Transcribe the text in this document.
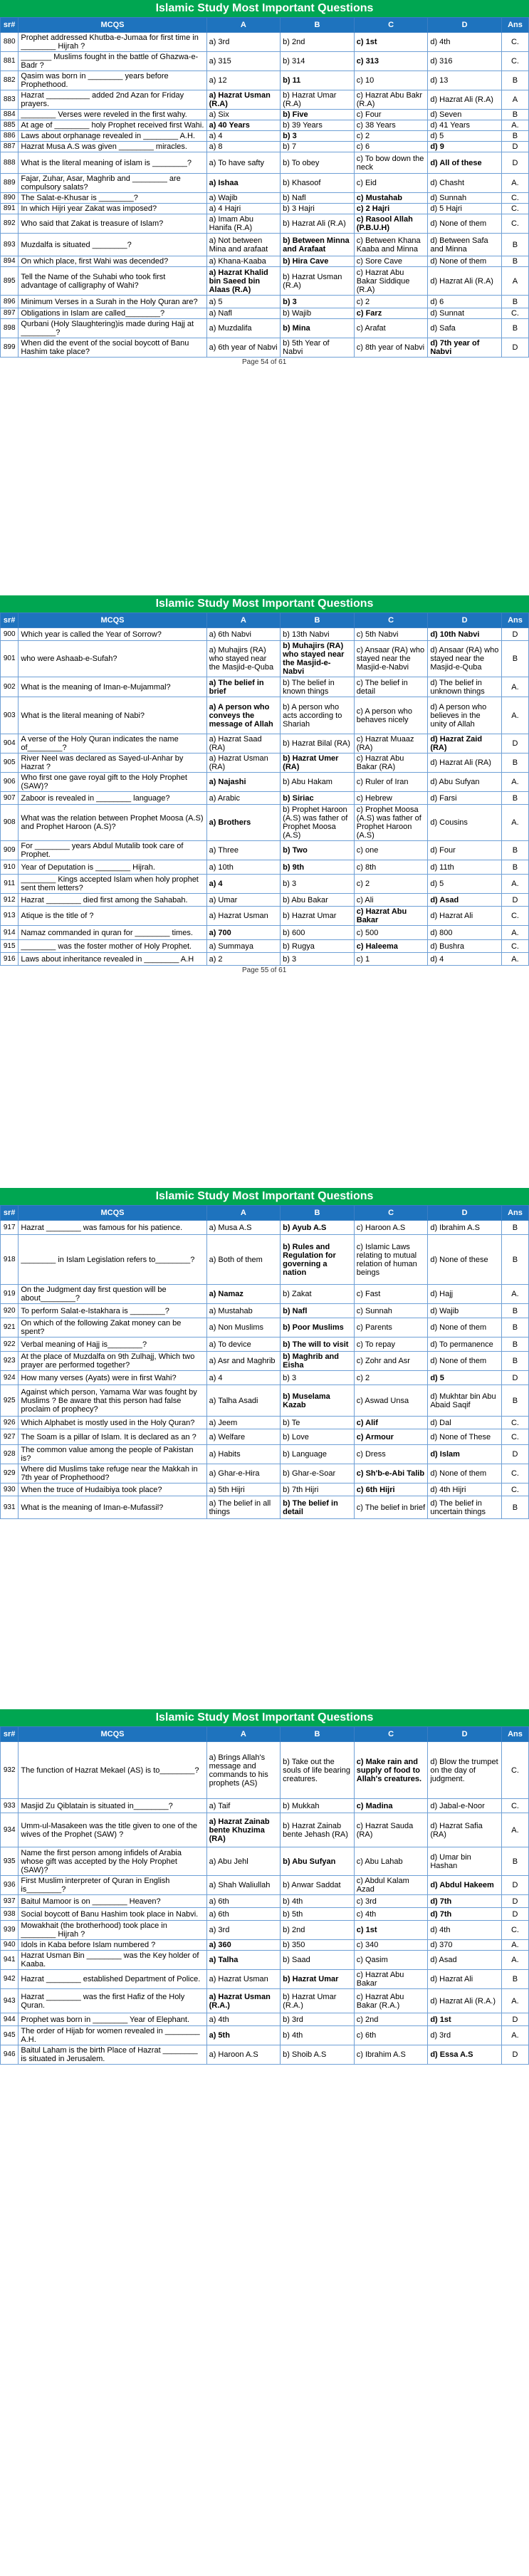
Islamic Study Most Important Questions
sr#	MCQS	A	B	C	D	Ans
880	Prophet addressed Khutba-e-Jumaa for first time in ________ Hijrah ?	a) 3rd	b) 2nd	c) 1st	d) 4th	C.
881	_______ Muslims fought in the battle of Ghazwa-e-Badr ?	a) 315	b) 314	c) 313	d) 316	C.
882	Qasim was born in ________ years before Prophethood.	a) 12	b) 11	c) 10	d) 13	B
883	Hazrat __________ added 2nd Azan for Friday prayers.	a) Hazrat Usman (R.A)	b) Hazrat Umar (R.A)	c) Hazrat Abu Bakr (R.A)	d) Hazrat Ali (R.A)	A
884	________ Verses were reveled in the first wahy.	a) Six	b) Five	c) Four	d) Seven	B
885	At age of ________ holy Prophet received first Wahi.	a) 40 Years	b) 39 Years	c) 38 Years	d) 41 Years	A.
886	Laws about orphanage revealed in ________ A.H.	a) 4	b) 3	c) 2	d) 5	B
887	Hazrat Musa A.S was given ________ miracles.	a) 8	b) 7	c) 6	d) 9	D
888	What is the literal meaning of islam is ________?	a) To have safty	b) To obey	c) To bow down the neck	d) All of these	D
889	Fajar, Zuhar, Asar, Maghrib and ________ are compulsory salats?	a) Ishaa	b) Khasoof	c) Eid	d) Chasht	A.
890	The Salat-e-Khusar is ________?	a) Wajib	b) Nafl	c) Mustahab	d) Sunnah	C.
891	In which Hijri year Zakat was imposed?	a) 4 Hajri	b) 3 Hajri	c) 2 Hajri	d) 5 Hajri	C.
892	Who said that Zakat is treasure of Islam?	a) Imam Abu Hanifa (R.A)	b) Hazrat Ali (R.A)	c) Rasool Allah (P.B.U.H)	d) None of them	C.
893	Muzdalfa is situated ________?	a) Not between Mina and arafaat	b) Between Minna and Arafaat	c) Between Khana Kaaba and Minna	d) Between Safa and Minna	B
894	On which place, first Wahi was decended?	a) Khana-Kaaba	b) Hira Cave	c) Sore Cave	d) None of them	B
895	Tell the Name of the Suhabi who took first advantage of calligraphy of Wahi?	a) Hazrat Khalid bin Saeed bin Alaas (R.A)	b) Hazrat Usman (R.A)	c) Hazrat Abu Bakar Siddique (R.A)	d) Hazrat Ali (R.A)	A
896	Minimum Verses in a Surah in the Holy Quran are?	a) 5	b) 3	c) 2	d) 6	B
897	Obligations in Islam are called________?	a) Nafl	b) Wajib	c) Farz	d) Sunnat	C.
898	Qurbani (Holy Slaughtering)is made during Hajj at ________?	a) Muzdalifa	b) Mina	c) Arafat	d) Safa	B
899	When did the event of the social boycott of Banu Hashim take place?	a) 6th year of Nabvi	b) 5th Year of Nabvi	c) 8th year of Nabvi	d) 7th year of Nabvi	D
Page 54 of 61
Islamic Study Most Important Questions
sr#	MCQS	A	B	C	D	Ans
900	Which year is called the Year of Sorrow?	a) 6th Nabvi	b) 13th Nabvi	c) 5th Nabvi	d) 10th Nabvi	D
901	who were Ashaab-e-Sufah?	a) Muhajirs (RA) who stayed near the Masjid-e-Quba	b) Muhajirs (RA) who stayed near the Masjid-e-Nabvi	c) Ansaar (RA) who stayed near the Masjid-e-Nabvi	d) Ansaar (RA) who stayed near the Masjid-e-Quba	B
902	What is the meaning of Iman-e-Mujammal?	a) The belief in brief	b) The belief in known things	c) The belief in detail	d) The belief in unknown things	A.
903	What is the literal meaning of Nabi?	a) A person who conveys the message of Allah	b) A person who acts according to Shariah	c) A person who behaves nicely	d) A person who believes in the unity of Allah	A.
904	A verse of the Holy Quran indicates the name of________?	a) Hazrat Saad (RA)	b) Hazrat Bilal (RA)	c) Hazrat Muaaz (RA)	d) Hazrat Zaid (RA)	D
905	River Neel was declared as Sayed-ul-Anhar by Hazrat ?	a) Hazrat Usman (RA)	b) Hazrat Umer (RA)	c) Hazrat Abu Bakar (RA)	d) Hazrat Ali (RA)	B
906	Who first one gave royal gift to the Holy Prophet (SAW)?	a) Najashi	b) Abu Hakam	c) Ruler of Iran	d) Abu Sufyan	A.
907	Zaboor is revealed in ________ language?	a) Arabic	b) Siriac	c) Hebrew	d) Farsi	B
908	What was the relation between Prophet Moosa (A.S) and Prophet Haroon (A.S)?	a) Brothers	b) Prophet Haroon (A.S) was father of Prophet Moosa (A.S)	c) Prophet Moosa (A.S) was father of Prophet Haroon (A.S)	d) Cousins	A.
909	For ________ years Abdul Mutalib took care of Prophet.	a) Three	b) Two	c) one	d) Four	B
910	Year of Deputation is ________ Hijrah.	a) 10th	b) 9th	c) 8th	d) 11th	B
911	________ Kings accepted Islam when holy prophet sent them letters?	a) 4	b) 3	c) 2	d) 5	A.
912	Hazrat ________ died first among the Sahabah.	a) Umar	b) Abu Bakar	c) Ali	d) Asad	D
913	Atique is the title of ?	a) Hazrat Usman	b) Hazrat Umar	c) Hazrat Abu Bakar	d) Hazrat Ali	C.
914	Namaz commanded in quran for ________ times.	a) 700	b) 600	c) 500	d) 800	A.
915	________ was the foster mother of Holy Prophet.	a) Summaya	b) Rugya	c) Haleema	d) Bushra	C.
916	Laws about inheritance revealed in ________ A.H	a) 2	b) 3	c) 1	d) 4	A.
Page 55 of 61
Islamic Study Most Important Questions
sr#	MCQS	A	B	C	D	Ans
917	Hazrat ________ was famous for his patience.	a) Musa A.S	b) Ayub A.S	c) Haroon A.S	d) Ibrahim A.S	B
918	________ in Islam Legislation refers to________?	a) Both of them	b) Rules and Regulation for governing a nation	c) Islamic Laws relating to mutual relation of human beings	d) None of these	B
919	On the Judgment day first question will be about________?	a) Namaz	b) Zakat	c) Fast	d) Hajj	A.
920	To perform Salat-e-Istakhara is ________?	a) Mustahab	b) Nafl	c) Sunnah	d) Wajib	B
921	On which of the following Zakat money can be spent?	a) Non Muslims	b) Poor Muslims	c) Parents	d) None of them	B
922	Verbal meaning of Hajj is________?	a) To device	b) The will to visit	c) To repay	d) To permanence	B
923	At the place of Muzdalfa on 9th Zulhajj, Which two prayer are performed together?	a) Asr and Maghrib	b) Maghrib and Eisha	c) Zohr and Asr	d) None of them	B
924	How many verses (Ayats) were in first Wahi?	a) 4	b) 3	c) 2	d) 5	D
925	Against which person, Yamama War was fought by Muslims ? Be aware that this person had false proclaim of prophecy?	a) Talha Asadi	b) Muselama Kazab	c) Aswad Unsa	d) Mukhtar bin Abu Abaid Saqif	B
926	Which Alphabet is mostly used in the Holy Quran?	a) Jeem	b) Te	c) Alif	d) Dal	C.
927	The Soam is a pillar of Islam. It is declared as an ?	a) Welfare	b) Love	c) Armour	d) None of These	C.
928	The common value among the people of Pakistan is?	a) Habits	b) Language	c) Dress	d) Islam	D
929	Where did Muslims take refuge near the Makkah in 7th year of Prophethood?	a) Ghar-e-Hira	b) Ghar-e-Soar	c) Sh'b-e-Abi Talib	d) None of them	C.
930	When the truce of Hudaibiya took place?	a) 5th Hijri	b) 7th Hijri	c) 6th Hijri	d) 4th Hijri	C.
931	What is the meaning of Iman-e-Mufassil?	a) The belief in all things	b) The belief in detail	c) The belief in brief	d) The belief in uncertain things	B
Islamic Study Most Important Questions
sr#	MCQS	A	B	C	D	Ans
932	The function of Hazrat Mekael (AS) is to________?	a) Brings Allah's message and commands to his prophets (AS)	b) Take out the souls of life bearing creatures.	c) Make rain and supply of food to Allah's creatures.	d) Blow the trumpet on the day of judgment.	C.
933	Masjid Zu Qiblatain is situated in________?	a) Taif	b) Mukkah	c) Madina	d) Jabal-e-Noor	C.
934	Umm-ul-Masakeen was the title given to one of the wives of the Prophet (SAW) ?	a) Hazrat Zainab bente Khuzima (RA)	b) Hazrat Zainab bente Jehash (RA)	c) Hazrat Sauda (RA)	d) Hazrat Safia (RA)	A.
935	Name the first person among infidels of Arabia whose gift was accepted by the Holy Prophet (SAW)?	a) Abu Jehl	b) Abu Sufyan	c) Abu Lahab	d) Umar bin Hashan	B
936	First Muslim interpreter of Quran in English is________?	a) Shah Waliullah	b) Anwar Saddat	c) Abdul Kalam Azad	d) Abdul Hakeem	D
937	Baitul Mamoor is on ________ Heaven?	a) 6th	b) 4th	c) 3rd	d) 7th	D
938	Social boycott of Banu Hashim took place in Nabvi.	a) 6th	b) 5th	c) 4th	d) 7th	D
939	Mowakhait (the brotherhood) took place in ________ Hijrah ?	a) 3rd	b) 2nd	c) 1st	d) 4th	C.
940	Idols in Kaba before Islam numbered ?	a) 360	b) 350	c) 340	d) 370	A.
941	Hazrat Usman Bin ________ was the Key holder of Kaaba.	a) Talha	b) Saad	c) Qasim	d) Asad	A.
942	Hazrat ________ established Department of Police.	a) Hazrat Usman	b) Hazrat Umar	c) Hazrat Abu Bakar	d) Hazrat Ali	B
943	Hazrat ________ was the first Hafiz of the Holy Quran.	a) Hazrat Usman (R.A.)	b) Hazrat Umar (R.A.)	c) Hazrat Abu Bakar (R.A.)	d) Hazrat Ali (R.A.)	A.
944	Prophet was born in ________ Year of Elephant.	a) 4th	b) 3rd	c) 2nd	d) 1st	D
945	The order of Hijab for women revealed in ________ A.H.	a) 5th	b) 4th	c) 6th	d) 3rd	A.
946	Baitul Laham is the birth Place of Hazrat ________ is situated in Jerusalem.	a) Haroon A.S	b) Shoib A.S	c) Ibrahim A.S	d) Essa A.S	D
